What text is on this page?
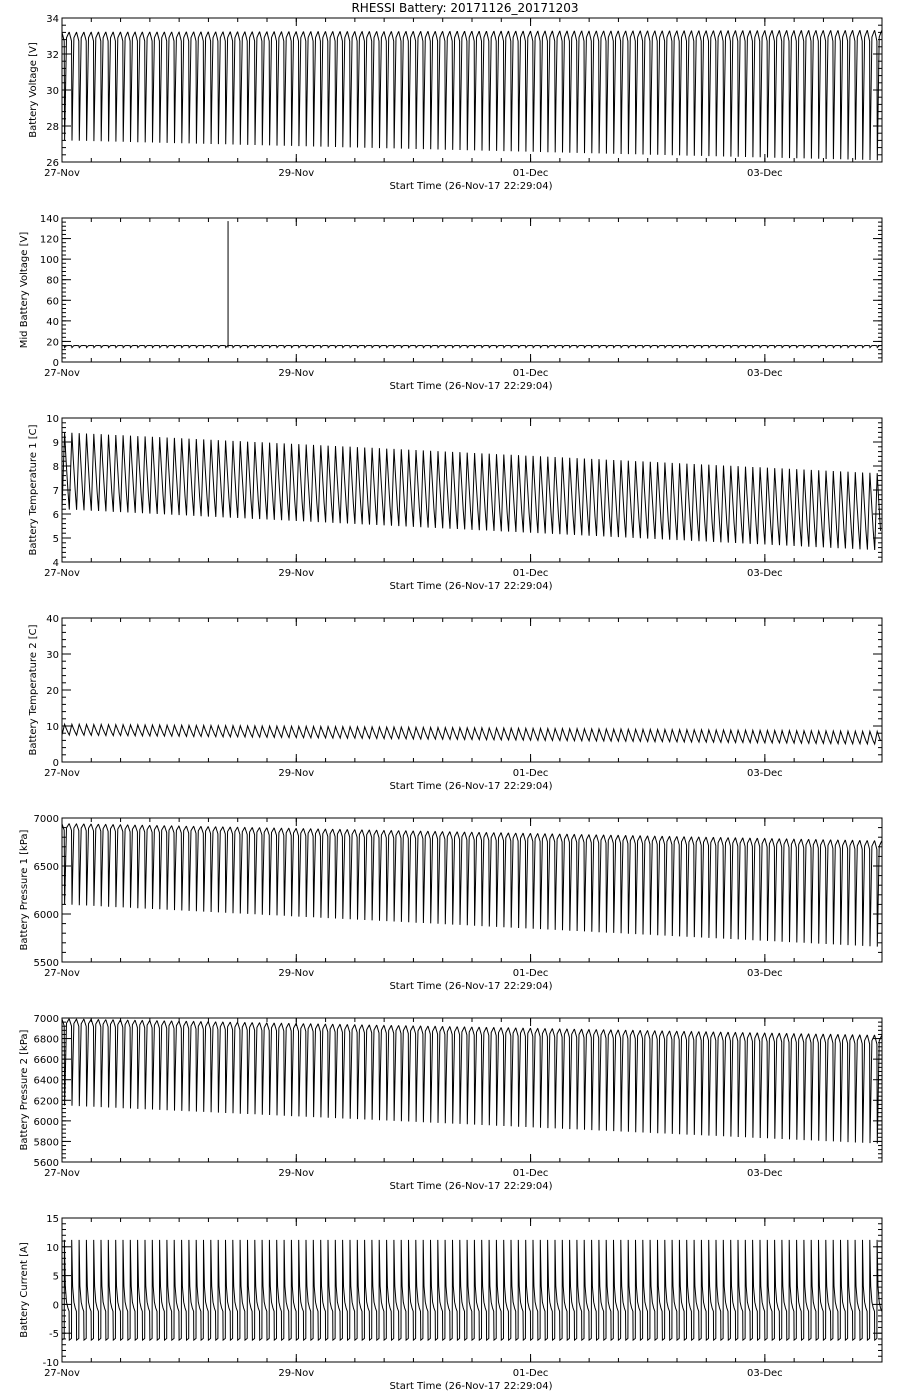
RHESSI Battery: 20171126_20171203
27-Nov	29-Nov	01-Dec	03-Dec
Start Time (26-Nov-17 22:29:04)
26
28
30
32
34
Battery Voltage [V]
27-Nov	29-Nov	01-Dec	03-Dec
Start Time (26-Nov-17 22:29:04)
0
20
40
60
80
100
120
140
Mid Battery Voltage [V]
27-Nov	29-Nov	01-Dec	03-Dec
Start Time (26-Nov-17 22:29:04)
4
5
6
7
8
9
10
Battery Temperature 1 [C]
27-Nov	29-Nov	01-Dec	03-Dec
Start Time (26-Nov-17 22:29:04)
0
10
20
30
40
Battery Temperature 2 [C]
27-Nov	29-Nov	01-Dec	03-Dec
Start Time (26-Nov-17 22:29:04)
5500
6000
6500
7000
Battery Pressure 1 [kPa]
27-Nov	29-Nov	01-Dec	03-Dec
Start Time (26-Nov-17 22:29:04)
5600
5800
6000
6200
6400
6600
6800
7000
Battery Pressure 2 [kPa]
27-Nov	29-Nov	01-Dec	03-Dec
Start Time (26-Nov-17 22:29:04)
-10
-5
0
5
10
15
Battery Current [A]
